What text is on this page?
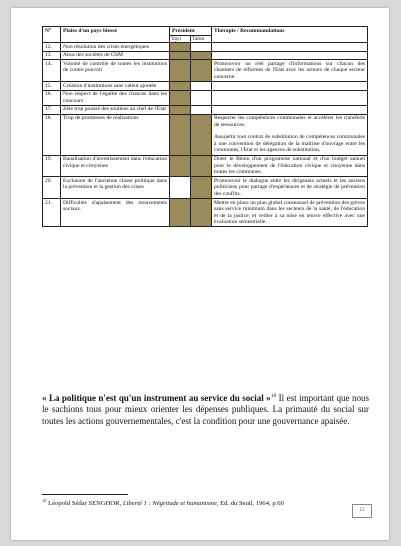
N°	Plaies d'un pays blessé	Président		Thérapie / Recommandations
		Yayi	Talon	
12.	Non résolution des crises énergétiques			
13.	Abus des sociétés de GSM			
14.	Volonté de contrôle de toutes les institutions de contre pouvoir			Promouvoir un réel partage d'informations sur chacun des chantiers de réformes de l'Etat avec les acteurs de chaque secteur concerné.
15.	Création d'institutions sans valeur ajoutée			
16.	Non respect de l'égalité des chances dans les concours			
17.	Zèle trop poussé des soutiens au chef de l'Etat			
18.	Trop de promesses de réalisations			Respecter les compétences communales et accélérer les transferts de ressources.
Assujettir tout contrat de substitution de compétences communales à une convention de délégation de la maîtrise d'ouvrage entre les communes, l'Etat et les agences de substitution.
19.	Banalisation d'investissement dans l'éducation civique et citoyenne			Doter le Bénin d'un programme national et d'un budget annuel pour le développement de l'éducation civique et citoyenne dans toutes les communes.
20.	Exclusion de l'ancienne classe politique dans la prévention et la gestion des crises			Promouvoir le dialogue entre les dirigeants actuels et les anciens politiciens pour partage d'expériences et de stratégie de prévention des conflits.
21.	Difficultés d'apaisement des mouvements sociaux.			Mettre en place un plan global consensuel de prévention des grèves sans service minimum dans les secteurs de la santé, de l'éducation et de la justice, et veiller à sa mise en œuvre effective avec une évaluation semestrielle.
« La politique n'est qu'un instrument au service du social »$^{10}$ Il est important que nous le sachions tous pour mieux orienter les dépenses publiques. La primauté du social sur toutes les actions gouvernementales, c'est la condition pour une gouvernance apaisée.
$^{10}$ Léopold Sédar SENGHOR, Liberté 1 : Négritude et humanisme, Ed. du Seuil, 1964, p.60
12
